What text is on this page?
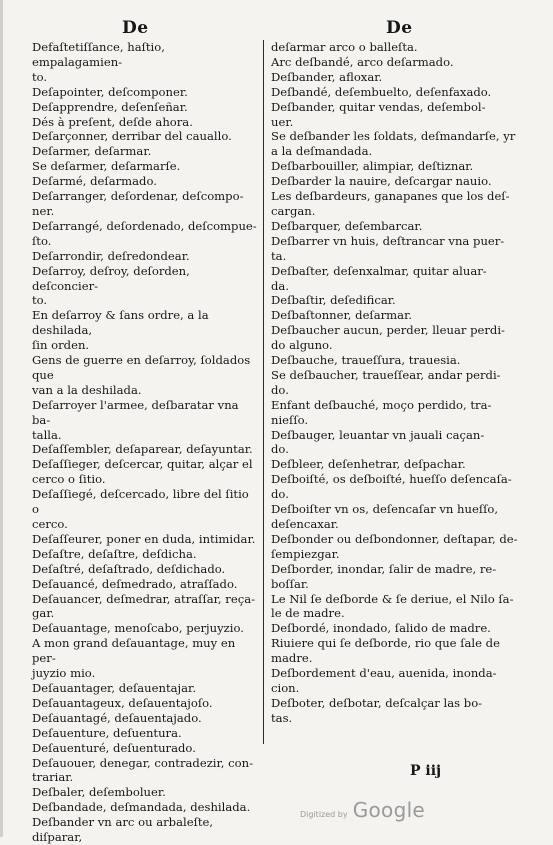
De	De
Defaſtetiſſance, haſtio, empalagamien-
to.
Deſapointer, deſcomponer.
Deſapprendre, deſenſeñar.
Dés à preſent, deſde ahora.
Deſarçonner, derribar del cauallo.
Deſarmer, deſarmar.
Se deſarmer, deſarmarſe.
Deſarmé, deſarmado.
Deſarranger, deſordenar, deſcompo-
ner.
Deſarrangé, deſordenado, deſcompue-
ſto.
Deſarrondir, deſredondear.
Deſarroy, deſroy, deſorden, deſconcier-
to.
En deſarroy & ſans ordre, a la deshilada,
ſin orden.
Gens de guerre en deſarroy, ſoldados que
van a la deshilada.
Deſarroyer l'armee, deſbaratar vna ba-
talla.
Deſaſſembler, deſaparear, deſayuntar.
Deſaſſieger, deſcercar, quitar, alçar el
cerco o ſitio.
Deſaſſiegé, deſcercado, libre del ſitio o
cerco.
Deſaſſeurer, poner en duda, intimidar.
Deſaſtre, deſaſtre, deſdicha.
Deſaſtré, deſaſtrado, deſdichado.
Deſauancé, deſmedrado, atraſſado.
Deſauancer, deſmedrar, atraſſar, reça-
gar.
Deſauantage, menoſcabo, perjuyzio.
A mon grand deſauantage, muy en per-
juyzio mio.
Deſauantager, deſauentajar.
Deſauantageux, deſauentajoſo.
Deſauantagé, deſauentajado.
Deſauenture, deſuentura.
Deſauenturé, deſuenturado.
Deſauouer, denegar, contradezir, con-
trariar.
Deſbaler, deſemboluer.
Deſbandade, deſmandada, deshilada.
Deſbander vn arc ou arbaleſte, diſparar,
deſarmar arco o balleſta.
Arc deſbandé, arco deſarmado.
Deſbander, afloxar.
Deſbandé, deſembuelto, deſenfaxado.
Deſbander, quitar vendas, deſembol-
uer.
Se deſbander les ſoldats, deſmandarſe, yr
a la deſmandada.
Deſbarbouiller, alimpiar, deſtiznar.
Deſbarder la nauire, deſcargar nauio.
Les deſbardeurs, ganapanes que los deſ-
cargan.
Deſbarquer, deſembarcar.
Deſbarrer vn huis, deſtrancar vna puer-
ta.
Deſbaſter, deſenxalmar, quitar aluar-
da.
Deſbaſtir, deſedificar.
Deſbaſtonner, deſarmar.
Deſbaucher aucun, perder, lleuar perdi-
do alguno.
Deſbauche, traueſſura, trauesia.
Se deſbaucher, traueſſear, andar perdi-
do.
Enfant deſbauché, moço perdido, tra-
nieſſo.
Deſbauger, leuantar vn jauali caçan-
do.
Deſbleer, deſenhetrar, deſpachar.
Deſboiſté, os deſboiſté, hueſſo deſencaſa-
do.
Deſboiſter vn os, deſencaſar vn hueſſo,
deſencaxar.
Deſbonder ou deſbondonner, deſtapar, de-
ſempiezgar.
Deſborder, inondar, ſalir de madre, re-
boſſar.
Le Nil ſe deſborde & ſe deriue, el Nilo ſa-
le de madre.
Deſbordé, inondado, ſalido de madre.
Riuiere qui ſe deſborde, rio que ſale de
madre.
Deſbordement d'eau, auenida, inonda-
cion.
Deſboter, deſbotar, deſcalçar las bo-
tas.
P iij
Digitized by Google
